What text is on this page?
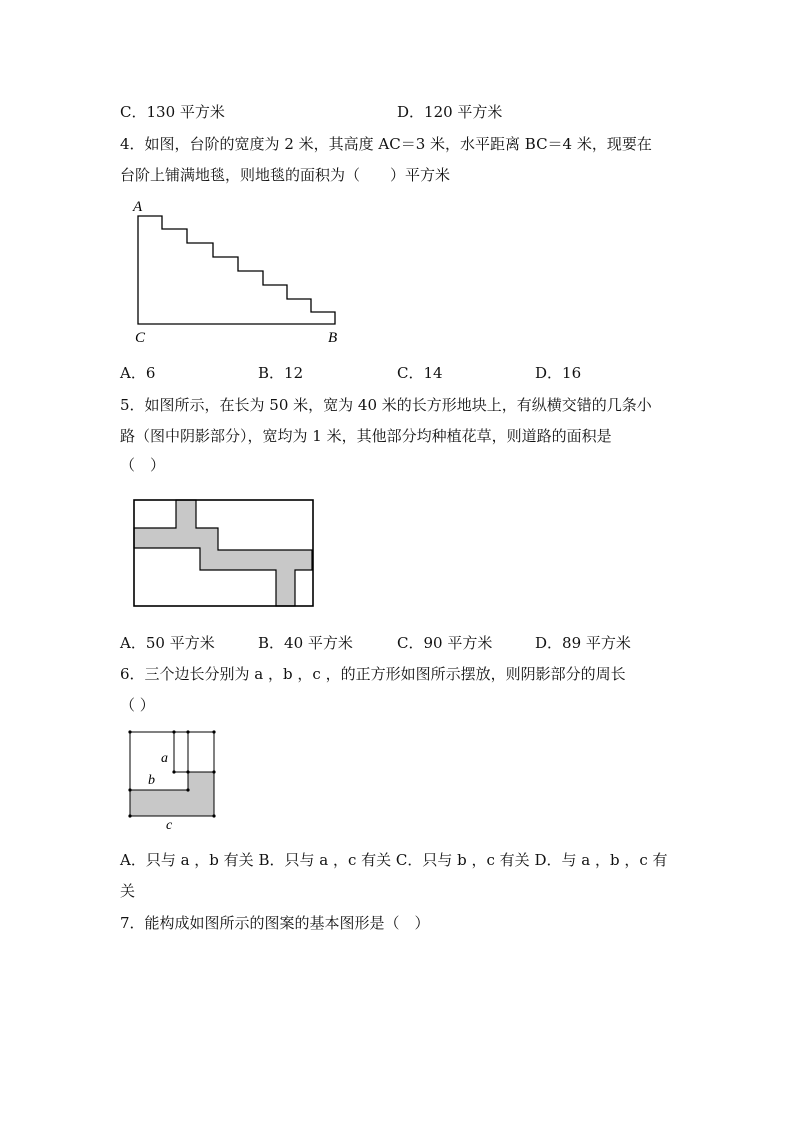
C．130 平方米	D．120 平方米
4．如图，台阶的宽度为 2 米，其高度 AC＝3 米，水平距离 BC＝4 米，现要在
台阶上铺满地毯，则地毯的面积为（　　）平方米
A
C	B
A．6	B．12	C．14	D．16
5．如图所示，在长为 50 米，宽为 40 米的长方形地块上，有纵横交错的几条小
路（图中阴影部分），宽均为 1 米，其他部分均种植花草，则道路的面积是
（　）
A．50 平方米	B．40 平方米	C．90 平方米	D．89 平方米
6．三个边长分别为 a ，b ，c ，的正方形如图所示摆放，则阴影部分的周长
（ ）
a
b
c
A．只与 a ，b 有关 B．只与 a ，c 有关 C．只与 b ，c 有关 D．与 a ，b ，c 有
关
7．能构成如图所示的图案的基本图形是（　）
